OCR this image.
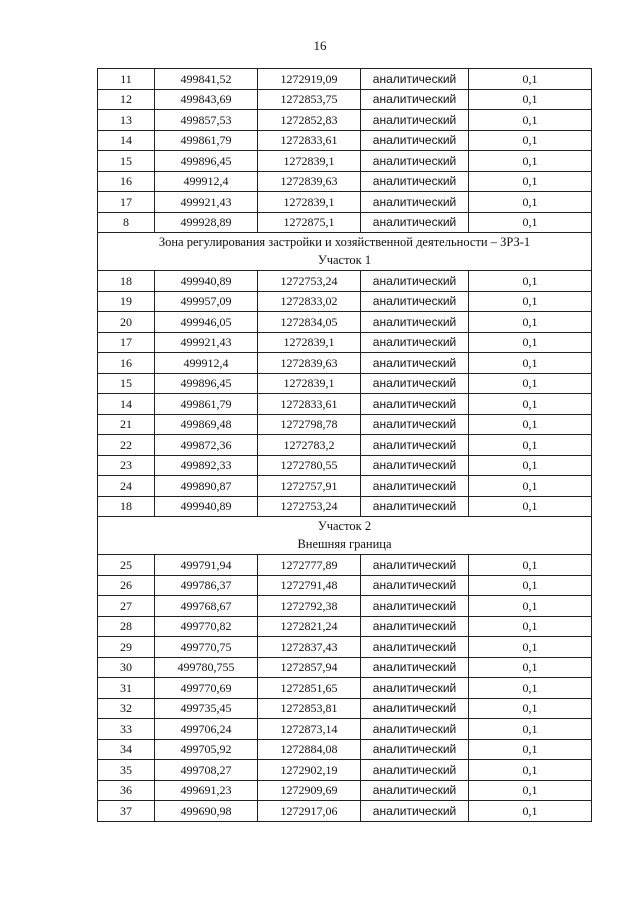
16
11	499841,52	1272919,09	аналитический	0,1
12	499843,69	1272853,75	аналитический	0,1
13	499857,53	1272852,83	аналитический	0,1
14	499861,79	1272833,61	аналитический	0,1
15	499896,45	1272839,1	аналитический	0,1
16	499912,4	1272839,63	аналитический	0,1
17	499921,43	1272839,1	аналитический	0,1
8	499928,89	1272875,1	аналитический	0,1

Зона регулирования застройки и хозяйственной деятельности – ЗРЗ-1
Участок 1				

18	499940,89	1272753,24	аналитический	0,1
19	499957,09	1272833,02	аналитический	0,1
20	499946,05	1272834,05	аналитический	0,1
17	499921,43	1272839,1	аналитический	0,1
16	499912,4	1272839,63	аналитический	0,1
15	499896,45	1272839,1	аналитический	0,1
14	499861,79	1272833,61	аналитический	0,1
21	499869,48	1272798,78	аналитический	0,1
22	499872,36	1272783,2	аналитический	0,1
23	499892,33	1272780,55	аналитический	0,1
24	499890,87	1272757,91	аналитический	0,1
18	499940,89	1272753,24	аналитический	0,1

Участок 2
Внешняя граница				

25	499791,94	1272777,89	аналитический	0,1
26	499786,37	1272791,48	аналитический	0,1
27	499768,67	1272792,38	аналитический	0,1
28	499770,82	1272821,24	аналитический	0,1
29	499770,75	1272837,43	аналитический	0,1
30	499780,755	1272857,94	аналитический	0,1
31	499770,69	1272851,65	аналитический	0,1
32	499735,45	1272853,81	аналитический	0,1
33	499706,24	1272873,14	аналитический	0,1
34	499705,92	1272884,08	аналитический	0,1
35	499708,27	1272902,19	аналитический	0,1
36	499691,23	1272909,69	аналитический	0,1
37	499690,98	1272917,06	аналитический	0,1
